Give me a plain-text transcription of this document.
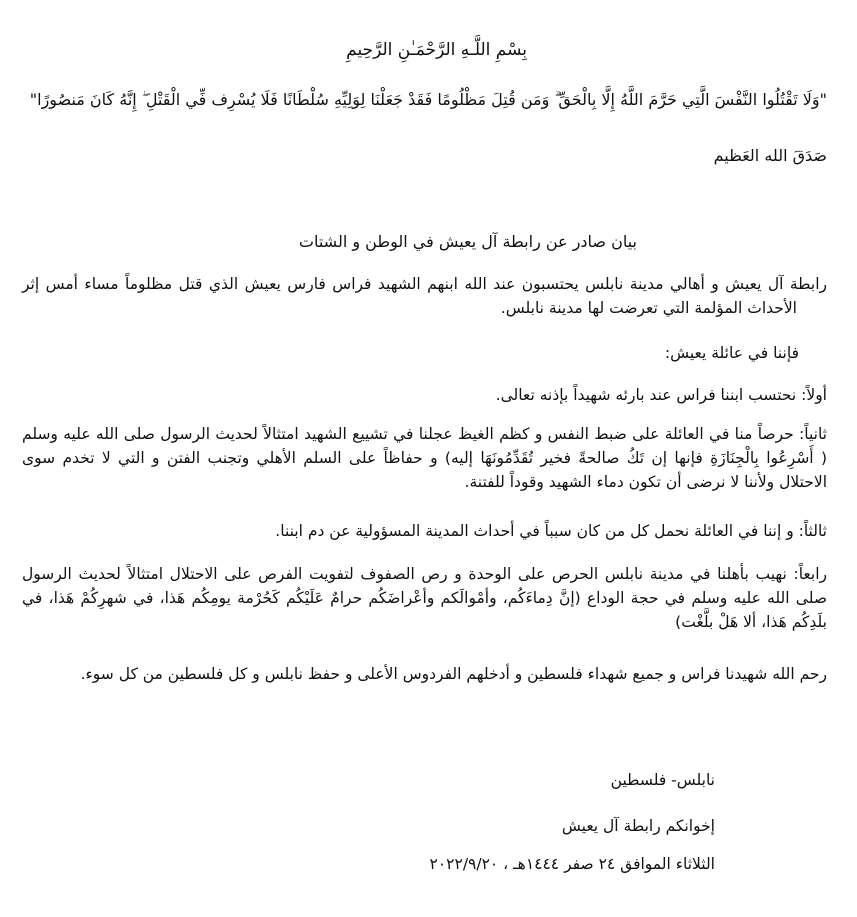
بِسْمِ اللَّـهِ الرَّحْمَـٰنِ الرَّحِيمِ
"وَلَا تَقْتُلُوا النَّفْسَ الَّتِي حَرَّمَ اللَّهُ إِلَّا بِالْحَقِّ ۗ وَمَن قُتِلَ مَظْلُومًا فَقَدْ جَعَلْنَا لِوَلِيِّهِ سُلْطَانًا فَلَا يُسْرِف فِّي الْقَتْلِ ۖ إِنَّهُ كَانَ مَنصُورًا"
صَدَقَ الله العَظيم
بيان صادر عن رابطة آل يعيش في الوطن و الشتات
رابطة آل يعيش و أهالي مدينة نابلس يحتسبون عند الله ابنهم الشهيد فراس فارس يعيش الذي قتل مظلوماً مساء أمس إثر الأحداث المؤلمة التي تعرضت لها مدينة نابلس.
فإننا في عائلة يعيش:
أولاً: نحتسب ابننا فراس عند بارئه شهيداً بإذنه تعالى.
ثانياً: حرصاً منا في العائلة على ضبط النفس و كظم الغيظ عجلنا في تشييع الشهيد امتثالاً لحديث الرسول صلى الله عليه وسلم ( أَسْرِعُوا بِالْجِنَازَةِ فإنها إن تَكُ صالحةً فخير تُقَدِّمُونَهَا إليه) و حفاظاً على السلم الأهلي وتجنب الفتن و التي لا تخدم سوى الاحتلال ولأننا لا نرضى أن تكون دماء الشهيد وقوداً للفتنة.
ثالثاً: و إننا في العائلة نحمل كل من كان سبباً في أحداث المدينة المسؤولية عن دم ابننا.
رابعاً: نهيب بأهلنا في مدينة نابلس الحرص على الوحدة و رص الصفوف لتفويت الفرص على الاحتلال امتثالاً لحديث الرسول صلى الله عليه وسلم في حجة الوداع (إنَّ دِماءَكُم، وأمْوالَكم وأعْراضَكُم حرامٌ عَلَيْكُم كَحُرْمة يومِكُم هَذا، في شهرِكُمْ هَذا، في بلَدِكُم هَذا، ألا هَلْ بلَّغْت)
رحم الله شهيدنا فراس و جميع شهداء فلسطين و أدخلهم الفردوس الأعلى و حفظ نابلس و كل فلسطين من كل سوء.
نابلس- فلسطين
إخوانكم رابطة آل يعيش
الثلاثاء الموافق ٢٤ صفر ١٤٤٤هـ ، ٢٠٢٢/٩/٢٠
